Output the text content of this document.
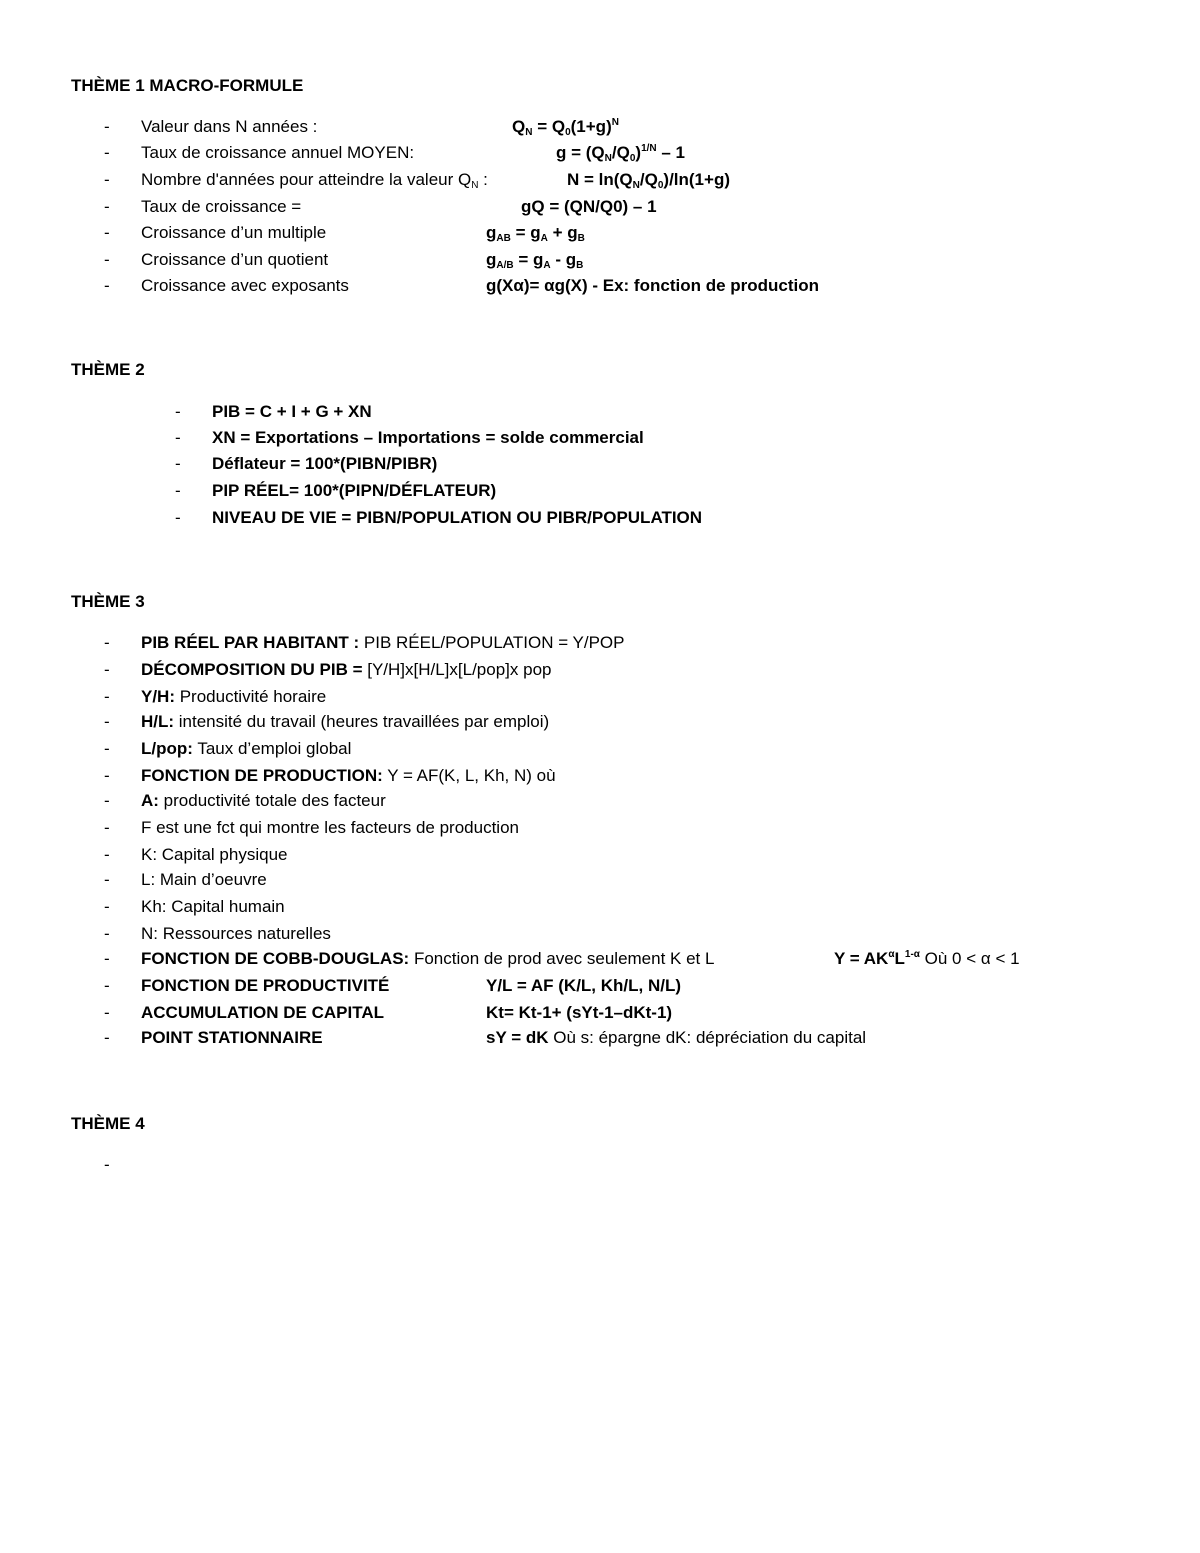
THÈME 1 MACRO-FORMULE
- Valeur dans N années :	$Q_N = Q_0(1+g)^N$
- Taux de croissance annuel MOYEN:	$g = (Q_N/Q_0)^{1/N} - 1$
- Nombre d'années pour atteindre la valeur $Q_N$ :	$N = \ln(Q_N/Q_0)/\ln(1+g)$
- Taux de croissance =	gQ = (QN/Q0) – 1
- Croissance d’un multiple	$g_{AB} = g_A + g_B$
- Croissance d’un quotient	$g_{A/B} = g_A - g_B$
- Croissance avec exposants	g(Xα)= αg(X) - Ex: fonction de production
THÈME 2
- PIB = C + I + G + XN
- XN = Exportations – Importations = solde commercial
- Déflateur = 100*(PIBN/PIBR)
- PIP RÉEL= 100*(PIPN/DÉFLATEUR)
- NIVEAU DE VIE = PIBN/POPULATION OU PIBR/POPULATION
THÈME 3
- PIB RÉEL PAR HABITANT : PIB RÉEL/POPULATION = Y/POP
- DÉCOMPOSITION DU PIB = [Y/H]x[H/L]x[L/pop]x pop
- Y/H: Productivité horaire
- H/L: intensité du travail (heures travaillées par emploi)
- L/pop: Taux d’emploi global
- FONCTION DE PRODUCTION: Y = AF(K, L, Kh, N) où
- A: productivité totale des facteur
- F est une fct qui montre les facteurs de production
- K: Capital physique
- L: Main d’oeuvre
- Kh: Capital humain
- N: Ressources naturelles
- FONCTION DE COBB-DOUGLAS: Fonction de prod avec seulement K et L	$Y = AK^\alpha L^{1-\alpha}$ Où 0 < α < 1
- FONCTION DE PRODUCTIVITÉ	Y/L = AF (K/L, Kh/L, N/L)
- ACCUMULATION DE CAPITAL	Kt= Kt-1+ (sYt-1–dKt-1)
- POINT STATIONNAIRE	sY = dK Où s: épargne dK: dépréciation du capital
THÈME 4
-
